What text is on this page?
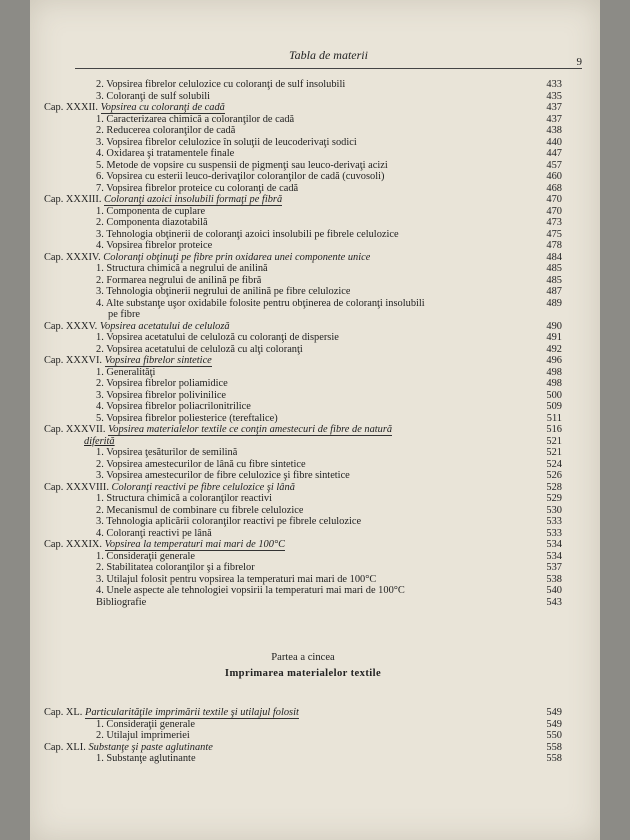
Tabla de materii	9
2. Vopsirea fibrelor celulozice cu coloranţi de sulf insolubili	433
3. Coloranţi de sulf solubili	435
Cap. XXXII. Vopsirea cu coloranţi de cadă	437
1. Caracterizarea chimică a coloranţilor de cadă	437
2. Reducerea coloranţilor de cadă	438
3. Vopsirea fibrelor celulozice în soluţii de leucoderivaţi sodici	440
4. Oxidarea şi tratamentele finale	447
5. Metode de vopsire cu suspensii de pigmenţi sau leuco-derivaţi acizi	457
6. Vopsirea cu esterii leuco-derivaţilor coloranţilor de cadă (cuvosoli)	460
7. Vopsirea fibrelor proteice cu coloranţi de cadă	468
Cap. XXXIII. Coloranţi azoici insolubili formaţi pe fibră	470
1. Componenta de cuplare	470
2. Componenta diazotabilă	473
3. Tehnologia obţinerii de coloranţi azoici insolubili pe fibrele celulozice	475
4. Vopsirea fibrelor proteice	478
Cap. XXXIV. Coloranţi obţinuţi pe fibre prin oxidarea unei componente unice	484
1. Structura chimică a negrului de anilină	485
2. Formarea negrului de anilină pe fibră	485
3. Tehnologia obţinerii negrului de anilină pe fibre celulozice	487
4. Alte substanţe uşor oxidabile folosite pentru obţinerea de coloranţi insolubili	489
pe fibre
Cap. XXXV. Vopsirea acetatului de celuloză	490
1. Vopsirea acetatului de celuloză cu coloranţi de dispersie	491
2. Vopsirea acetatului de celuloză cu alţi coloranţi	492
Cap. XXXVI. Vopsirea fibrelor sintetice	496
1. Generalităţi	498
2. Vopsirea fibrelor poliamidice	498
3. Vopsirea fibrelor polivinilice	500
4. Vopsirea fibrelor poliacrilonitrilice	509
5. Vopsirea fibrelor poliesterice (tereftalice)	511
Cap. XXXVII. Vopsirea materialelor textile ce conţin amestecuri de fibre de natură	516
diferită	521
1. Vopsirea ţesăturilor de semilină	521
2. Vopsirea amestecurilor de lână cu fibre sintetice	524
3. Vopsirea amestecurilor de fibre celulozice şi fibre sintetice	526
Cap. XXXVIII. Coloranţi reactivi pe fibre celulozice şi lână	528
1. Structura chimică a coloranţilor reactivi	529
2. Mecanismul de combinare cu fibrele celulozice	530
3. Tehnologia aplicării coloranţilor reactivi pe fibrele celulozice	533
4. Coloranţi reactivi pe lână	533
Cap. XXXIX. Vopsirea la temperaturi mai mari de 100°C	534
1. Consideraţii generale	534
2. Stabilitatea coloranţilor şi a fibrelor	537
3. Utilajul folosit pentru vopsirea la temperaturi mai mari de 100°C	538
4. Unele aspecte ale tehnologiei vopsirii la temperaturi mai mari de 100°C	540
Bibliografie	543
Partea a cincea
Imprimarea materialelor textile
Cap. XL. Particularităţile imprimării textile şi utilajul folosit	549
1. Consideraţii generale	549
2. Utilajul imprimeriei	550
Cap. XLI. Substanţe şi paste aglutinante	558
1. Substanţe aglutinante	558
